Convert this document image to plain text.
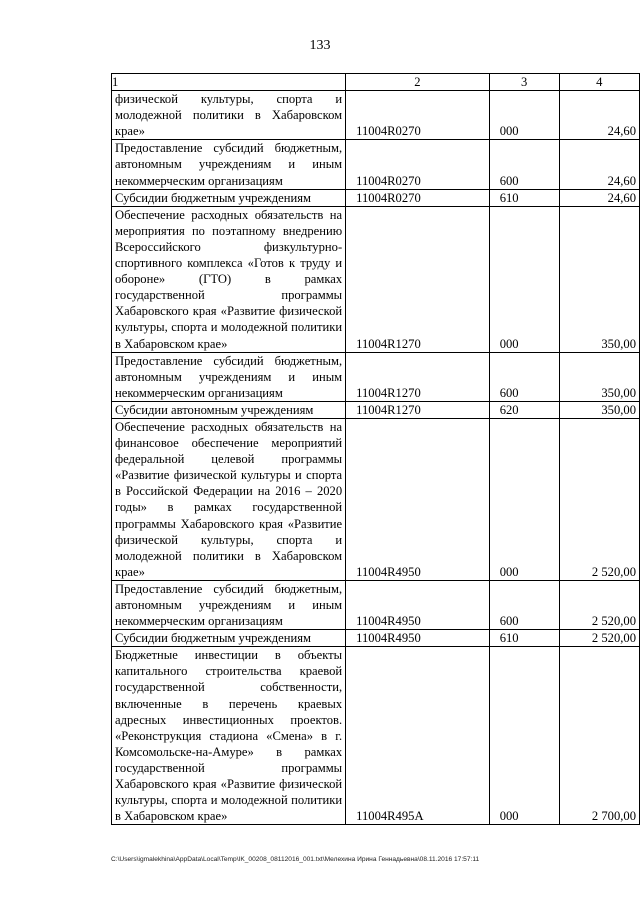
133
1	2	3	4
физической культуры, спорта и молодежной политики в Хабаровском крае»	11004R0270	000	24,60
Предоставление субсидий бюджетным, автономным учреждениям и иным некоммерческим организациям	11004R0270	600	24,60
Субсидии бюджетным учреждениям	11004R0270	610	24,60
Обеспечение расходных обязательств на мероприятия по поэтапному внедрению Всероссийского физкультурно-спортивного комплекса «Готов к труду и обороне» (ГТО) в рамках государственной программы Хабаровского края «Развитие физической культуры, спорта и молодежной политики в Хабаровском крае»	11004R1270	000	350,00
Предоставление субсидий бюджетным, автономным учреждениям и иным некоммерческим организациям	11004R1270	600	350,00
Субсидии автономным учреждениям	11004R1270	620	350,00
Обеспечение расходных обязательств на финансовое обеспечение мероприятий федеральной целевой программы «Развитие физической культуры и спорта в Российской Федерации на 2016 – 2020 годы» в рамках государственной программы Хабаровского края «Развитие физической культуры, спорта и молодежной политики в Хабаровском крае»	11004R4950	000	2 520,00
Предоставление субсидий бюджетным, автономным учреждениям и иным некоммерческим организациям	11004R4950	600	2 520,00
Субсидии бюджетным учреждениям	11004R4950	610	2 520,00
Бюджетные инвестиции в объекты капитального строительства краевой государственной собственности, включенные в перечень краевых адресных инвестиционных проектов. «Реконструкция стадиона «Смена» в г. Комсомольске-на-Амуре» в рамках государственной программы Хабаровского края «Развитие физической культуры, спорта и молодежной политики в Хабаровском крае»	11004R495A	000	2 700,00
C:\Users\igmalekhina\AppData\Local\Temp\IK_00208_08112016_001.txt\Мелехина Ирина Геннадьевна\08.11.2016 17:57:11
